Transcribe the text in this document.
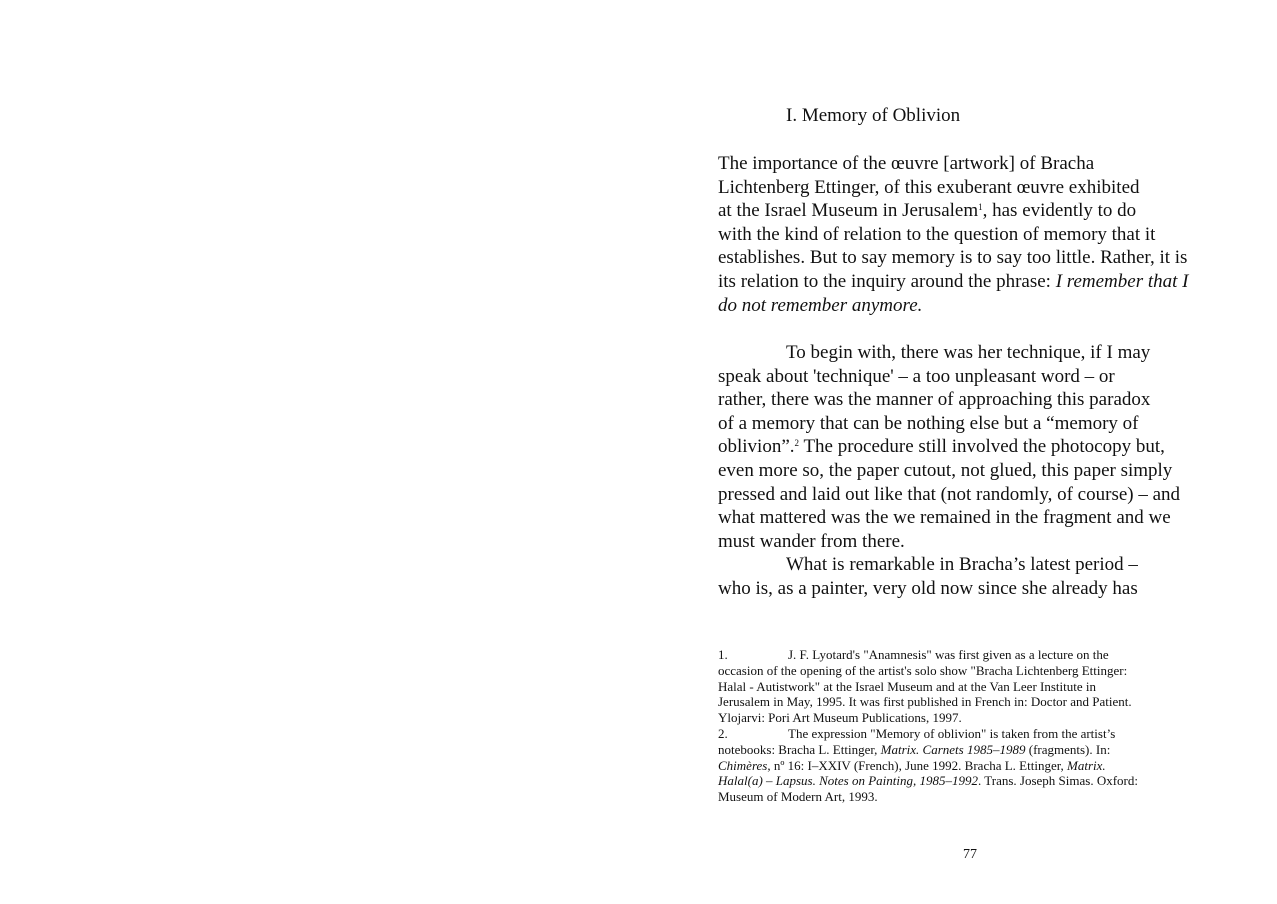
I. Memory of Oblivion
The importance of the œuvre [artwork] of Bracha
Lichtenberg Ettinger, of this exuberant œuvre exhibited
at the Israel Museum in Jerusalem$^1$, has evidently to do
with the kind of relation to the question of memory that it
establishes. But to say memory is to say too little. Rather, it is
its relation to the inquiry around the phrase: I remember that I
do not remember anymore.
To begin with, there was her technique, if I may
speak about 'technique' – a too unpleasant word – or
rather, there was the manner of approaching this paradox
of a memory that can be nothing else but a “memory of
oblivion”.$^2$ The procedure still involved the photocopy but,
even more so, the paper cutout, not glued, this paper simply
pressed and laid out like that (not randomly, of course) – and
what mattered was the we remained in the fragment and we
must wander from there.
What is remarkable in Bracha’s latest period –
who is, as a painter, very old now since she already has
1.	J. F. Lyotard's "Anamnesis" was first given as a lecture on the
occasion of the opening of the artist's solo show "Bracha Lichtenberg Ettinger:
Halal - Autistwork" at the Israel Museum and at the Van Leer Institute in
Jerusalem in May, 1995. It was first published in French in: Doctor and Patient.
Ylojarvi: Pori Art Museum Publications, 1997.
2.	The expression "Memory of oblivion" is taken from the artist’s
notebooks: Bracha L. Ettinger, Matrix. Carnets 1985–1989 (fragments). In:
Chimères, nº 16: I–XXIV (French), June 1992. Bracha L. Ettinger, Matrix.
Halal(a) – Lapsus. Notes on Painting, 1985–1992. Trans. Joseph Simas. Oxford:
Museum of Modern Art, 1993.
77
